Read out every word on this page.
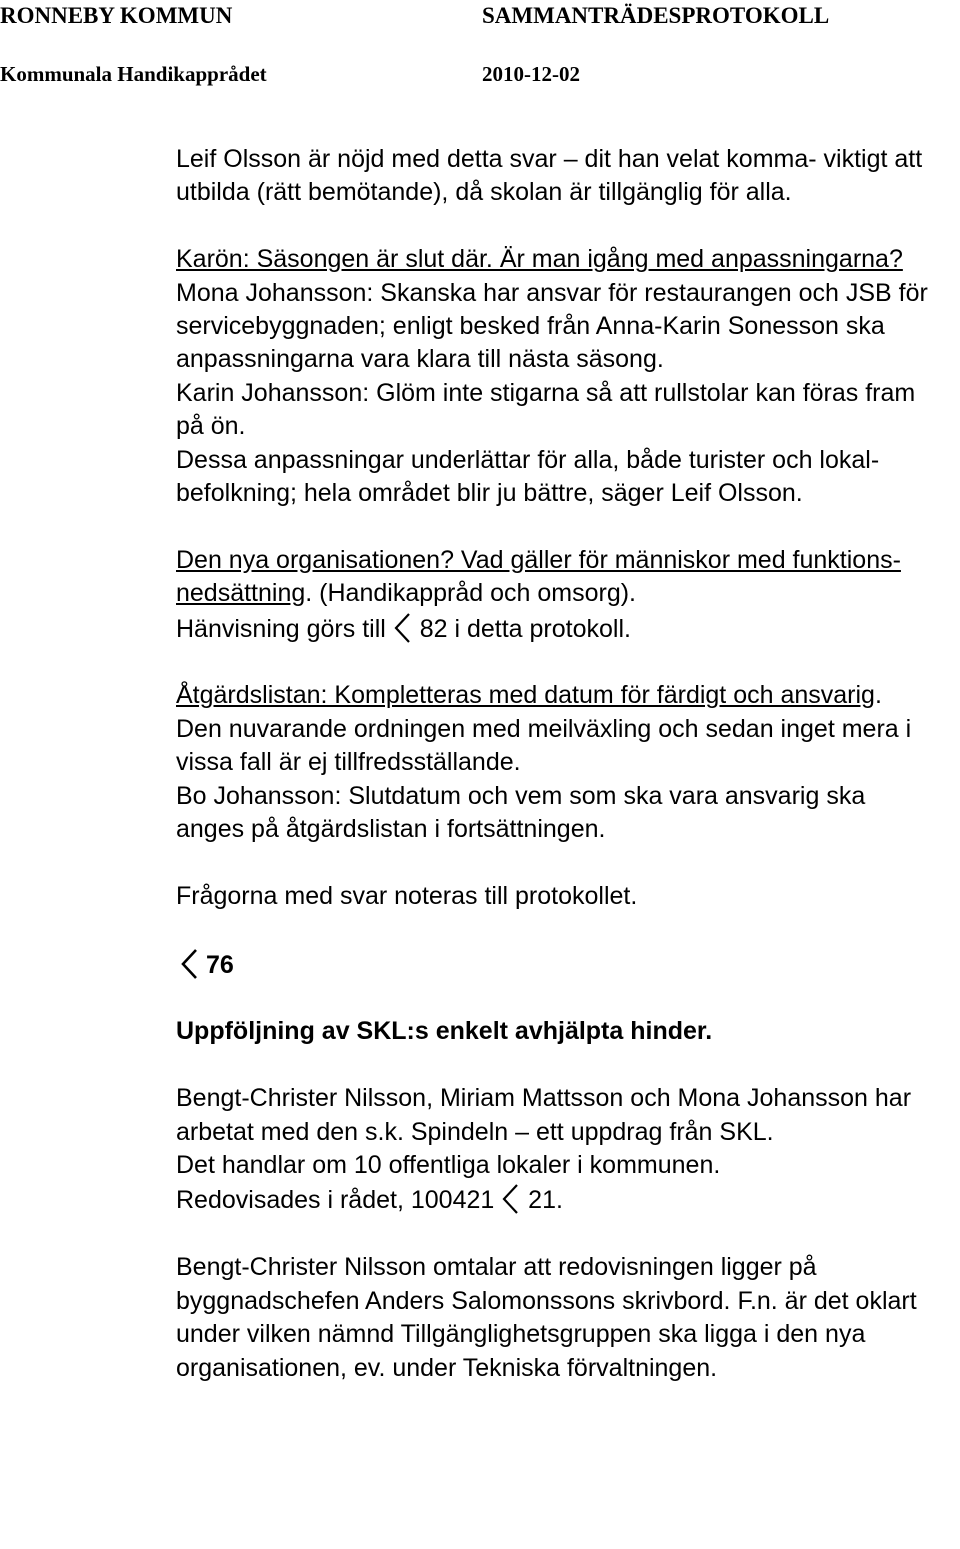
RONNEBY KOMMUN	SAMMANTRÄDESPROTOKOLL
Kommunala Handikapprådet	2010-12-02

Leif Olsson är nöjd med detta svar – dit han velat komma- viktigt att utbilda (rätt bemötande), då skolan är tillgänglig för alla.

Karön: Säsongen är slut där. Är man igång med anpassningarna?

Mona Johansson: Skanska har ansvar för restaurangen och JSB för servicebyggnaden; enligt besked från Anna-Karin Sonesson ska anpassningarna vara klara till nästa säsong.

Karin Johansson: Glöm inte stigarna så att rullstolar kan föras fram på ön.

Dessa anpassningar underlättar för alla, både turister och lokal-befolkning; hela området blir ju bättre, säger Leif Olsson.

Den nya organisationen? Vad gäller för människor med funktions-nedsättning. (Handikappråd och omsorg).

Hänvisning görs till
82 i detta protokoll.

Åtgärdslistan: Kompletteras med datum för färdigt och ansvarig.

Den nuvarande ordningen med meilväxling och sedan inget mera i vissa fall är ej tillfredsställande.

Bo Johansson: Slutdatum och vem som ska vara ansvarig ska anges på åtgärdslistan i fortsättningen.

Frågorna med svar noteras till protokollet.

76

Uppföljning av SKL:s enkelt avhjälpta hinder.

Bengt-Christer Nilsson, Miriam Mattsson och Mona Johansson har arbetat med den s.k. Spindeln – ett uppdrag från SKL.

Det handlar om 10 offentliga lokaler i kommunen.

Redovisades i rådet, 100421
21.

Bengt-Christer Nilsson omtalar att redovisningen ligger på byggnadschefen Anders Salomonssons skrivbord. F.n. är det oklart under vilken nämnd Tillgänglighetsgruppen ska ligga i den nya organisationen, ev. under Tekniska förvaltningen.
